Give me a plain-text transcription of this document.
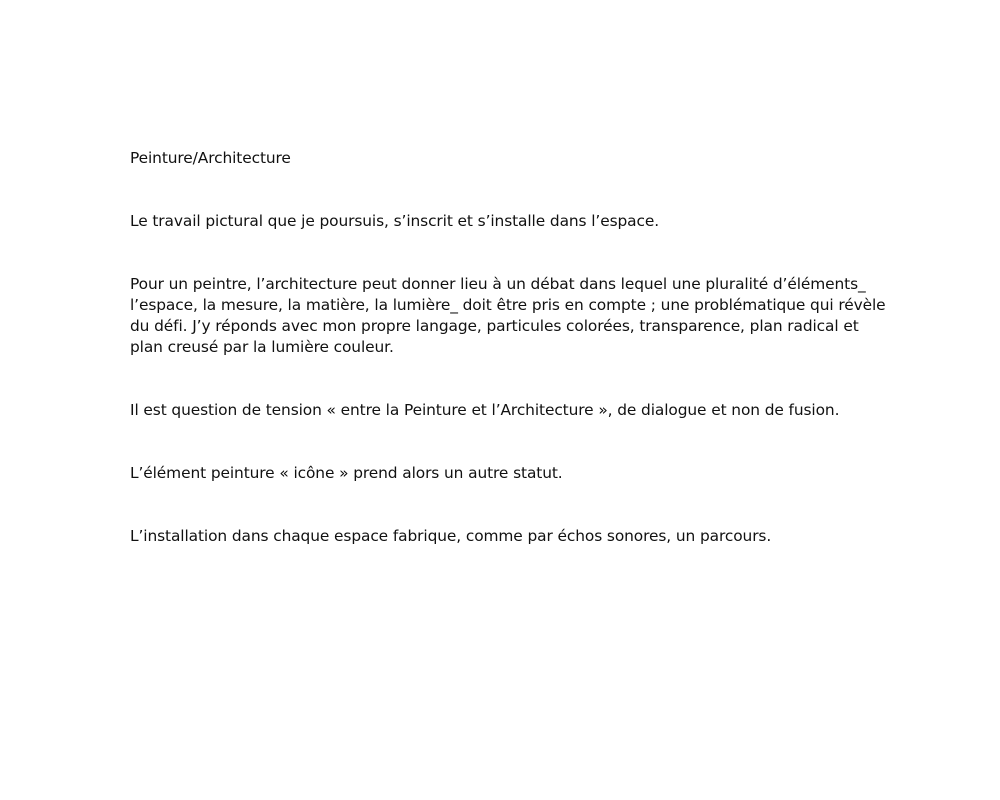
Peinture/Architecture

Le travail pictural que je poursuis, s’inscrit et s’installe dans l’espace.

Pour un peintre, l’architecture peut donner lieu à un débat dans lequel une pluralité d’éléments_ l’espace, la mesure, la matière, la lumière_ doit être pris en compte ; une problématique qui révèle du défi. J’y réponds avec mon propre langage, particules colorées, transparence, plan radical et plan creusé par la lumière couleur.

Il est question de tension « entre la Peinture et l’Architecture », de dialogue et non de fusion.

L’élément peinture « icône » prend alors un autre statut.

L’installation dans chaque espace fabrique, comme par échos sonores, un parcours.
